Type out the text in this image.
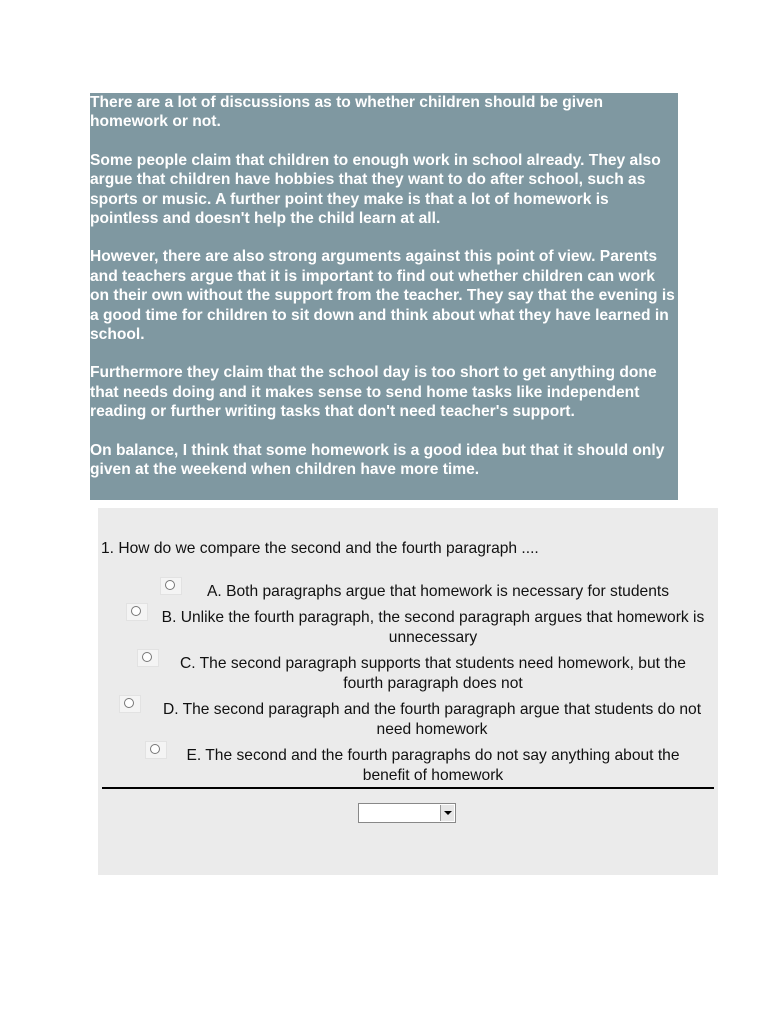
There are a lot of discussions as to whether children should be given homework or not.

Some people claim that children to enough work in school already. They also argue that children have hobbies that they want to do after school, such as sports or music. A further point they make is that a lot of homework is pointless and doesn't help the child learn at all.

However, there are also strong arguments against this point of view. Parents and teachers argue that it is important to find out whether children can work on their own without the support from the teacher. They say that the evening is a good time for children to sit down and think about what they have learned in school.

Furthermore they claim that the school day is too short to get anything done that needs doing and it makes sense to send home tasks like independent reading or further writing tasks that don't need teacher's support.

On balance, I think that some homework is a good idea but that it should only given at the weekend when children have more time.

1. How do we compare the second and the fourth paragraph ....
A. Both paragraphs argue that homework is necessary for students
B. Unlike the fourth paragraph, the second paragraph argues that homework is unnecessary
C. The second paragraph supports that students need homework, but the fourth paragraph does not
D. The second paragraph and the fourth paragraph argue that students do not need homework
E. The second and the fourth paragraphs do not say anything about the benefit of homework
